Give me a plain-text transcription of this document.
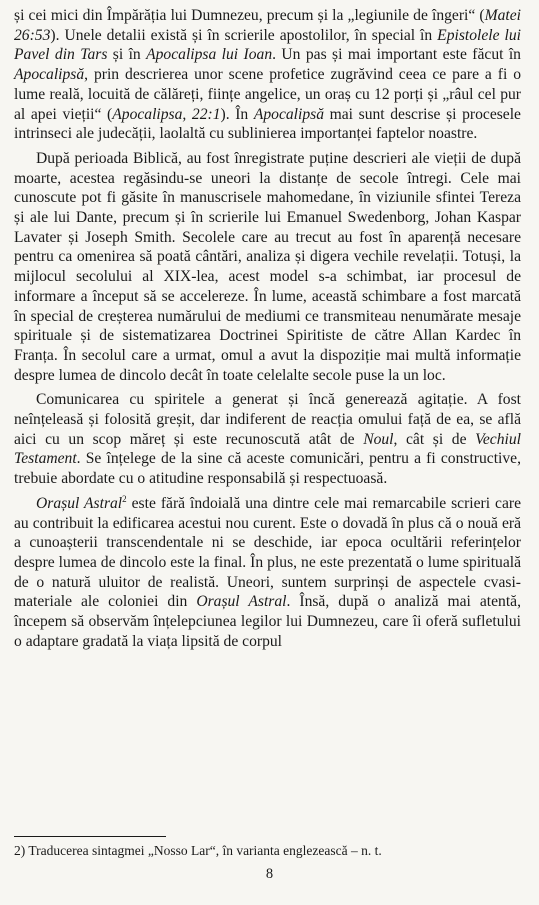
și cei mici din Împărăția lui Dumnezeu, precum și la „legiunile de îngeri“ (Matei 26:53). Unele detalii există și în scrierile apostolilor, în special în Epistolele lui Pavel din Tars și în Apocalipsa lui Ioan. Un pas și mai important este făcut în Apocalipsă, prin descrierea unor scene profetice zugrăvind ceea ce pare a fi o lume reală, locuită de călăreți, ființe angelice, un oraș cu 12 porți și „râul cel pur al apei vieții“ (Apocalipsa, 22:1). În Apocalipsă mai sunt descrise și procesele intrinseci ale judecății, laolaltă cu sublinierea importanței faptelor noastre.

După perioada Biblică, au fost înregistrate puține descrieri ale vieții de după moarte, acestea regăsindu-se uneori la distanțe de secole întregi. Cele mai cunoscute pot fi găsite în manuscrisele mahomedane, în viziunile sfintei Tereza și ale lui Dante, precum și în scrierile lui Emanuel Swedenborg, Johan Kaspar Lavater și Joseph Smith. Secolele care au trecut au fost în aparență necesare pentru ca omenirea să poată cântări, analiza și digera vechile revelații. Totuși, la mijlocul secolului al XIX-lea, acest model s-a schimbat, iar procesul de informare a început să se accelereze. În lume, această schimbare a fost marcată în special de creșterea numărului de mediumi ce transmiteau nenumărate mesaje spirituale și de sistematizarea Doctrinei Spiritiste de către Allan Kardec în Franța. În secolul care a urmat, omul a avut la dispoziție mai multă informație despre lumea de dincolo decât în toate celelalte secole puse la un loc.

Comunicarea cu spiritele a generat și încă generează agitație. A fost neînțeleasă și folosită greșit, dar indiferent de reacția omului față de ea, se află aici cu un scop măreț și este recunoscută atât de Noul, cât și de Vechiul Testament. Se înțelege de la sine că aceste comunicări, pentru a fi constructive, trebuie abordate cu o atitudine responsabilă și respectuoasă.

Orașul Astral$^2$ este fără îndoială una dintre cele mai remarcabile scrieri care au contribuit la edificarea acestui nou curent. Este o dovadă în plus că o nouă eră a cunoașterii transcendentale ni se deschide, iar epoca ocultării referințelor despre lumea de dincolo este la final. În plus, ne este prezentată o lume spirituală de o natură uluitor de realistă. Uneori, suntem surprinși de aspectele cvasi-materiale ale coloniei din Orașul Astral. Însă, după o analiză mai atentă, începem să observăm înțelepciunea legilor lui Dumnezeu, care îi oferă sufletului o adaptare gradată la viața lipsită de corpul

2) Traducerea sintagmei „Nosso Lar“, în varianta englezească – n. t.
8
